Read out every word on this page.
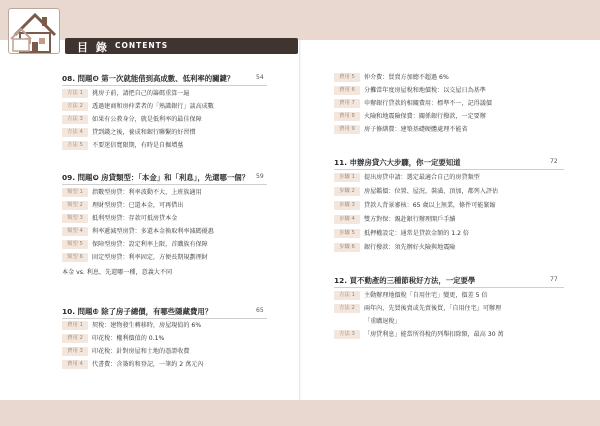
目 錄 CONTENTS
08. 問題❽ 第一次就能借到高成數、低利率的關鍵？	54
方法 1	挑房子前，請把自己的籌碼重算一遍
方法 2	透過建商和房仲業者的「熟識銀行」談高成數
方法 3	如果有公教身分，就是低利率的最佳保障
方法 4	貸到錢之後，養成和銀行聯繫的好習慣
方法 5	不要迷信寬限期，有時是自掘墳墓
09. 問題❾ 房貸類型：「本金」和「利息」，先還哪一個？ 59
類型 1	指數型房貸：利率波動不大，上班族適用
類型 2	理財型房貸：已還本金，可再借出
類型 3	抵利型房貸：存款可抵房貸本金
類型 4	利率遞減型房貸：多還本金換取利率減碼優惠
類型 5	保障型房貸：設定利率上限，首購族有保障
類型 6	固定型房貸：利率固定，方便長期規劃理財
本金 vs. 利息，先還哪一種，意義大不同
10. 問題❿ 除了房子總價，有哪些隱藏費用？	65
費用 1	契稅：建物發生轉移時，房屋現值的 6%
費用 2	印花稅：權利價值的 0.1%
費用 3	印花稅：針對房屋和土地的憑證收費
費用 4	代書費：含簽約和登記，一筆約 2 萬元內
費用 5	仲介費：買賣方加總不超過 6%
費用 6	分攤當年度房屋稅和地價稅：以交屋日為基準
費用 7	申辦銀行貸款的相關費用：標準不一，記得議價
費用 8	火險和地震險保費：關係銀行撥款，一定要辦
費用 9	房子修繕費：建築基礎硬體處理不能省
11. 申辦房貸六大步驟，你一定要知道	72
步驟 1	提出房貸申請：選定最適合自己的房貸類型
步驟 2	房屋鑑價：位置、屋況、裝潢、頂加，都列入評估
步驟 3	貸款人背景審核：65 歲以上無業，條件可能緊縮
步驟 4	雙方對保：親赴銀行辦理開戶手續
步驟 5	抵押權設定：通常是貸款金額的 1.2 倍
步驟 6	銀行撥款：須先辦好火險與地震險
12. 買不動產的三種節稅好方法，一定要學	77
方法 1	主動辦理地價稅「自用住宅」變更，價差 5 倍
方法 2	兩年內，先買後賣或先賣後買，「自用住宅」可辦理
「重購退稅」
方法 3	「房貸利息」能當所得稅的列舉扣除額，最高 30 萬
